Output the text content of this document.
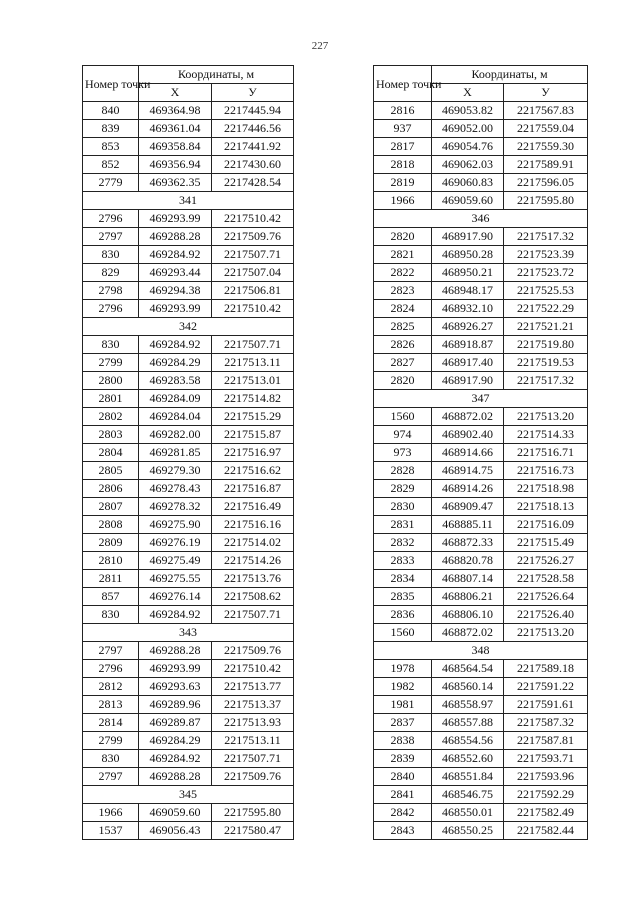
227
Номер точки	Координаты, м	
	Х	У
840	469364.98	2217445.94
839	469361.04	2217446.56
853	469358.84	2217441.92
852	469356.94	2217430.60
2779	469362.35	2217428.54
341		
2796	469293.99	2217510.42
2797	469288.28	2217509.76
830	469284.92	2217507.71
829	469293.44	2217507.04
2798	469294.38	2217506.81
2796	469293.99	2217510.42
342		
830	469284.92	2217507.71
2799	469284.29	2217513.11
2800	469283.58	2217513.01
2801	469284.09	2217514.82
2802	469284.04	2217515.29
2803	469282.00	2217515.87
2804	469281.85	2217516.97
2805	469279.30	2217516.62
2806	469278.43	2217516.87
2807	469278.32	2217516.49
2808	469275.90	2217516.16
2809	469276.19	2217514.02
2810	469275.49	2217514.26
2811	469275.55	2217513.76
857	469276.14	2217508.62
830	469284.92	2217507.71
343		
2797	469288.28	2217509.76
2796	469293.99	2217510.42
2812	469293.63	2217513.77
2813	469289.96	2217513.37
2814	469289.87	2217513.93
2799	469284.29	2217513.11
830	469284.92	2217507.71
2797	469288.28	2217509.76
345		
1966	469059.60	2217595.80
1537	469056.43	2217580.47
Номер точки	Координаты, м	
	Х	У
2816	469053.82	2217567.83
937	469052.00	2217559.04
2817	469054.76	2217559.30
2818	469062.03	2217589.91
2819	469060.83	2217596.05
1966	469059.60	2217595.80
346		
2820	468917.90	2217517.32
2821	468950.28	2217523.39
2822	468950.21	2217523.72
2823	468948.17	2217525.53
2824	468932.10	2217522.29
2825	468926.27	2217521.21
2826	468918.87	2217519.80
2827	468917.40	2217519.53
2820	468917.90	2217517.32
347		
1560	468872.02	2217513.20
974	468902.40	2217514.33
973	468914.66	2217516.71
2828	468914.75	2217516.73
2829	468914.26	2217518.98
2830	468909.47	2217518.13
2831	468885.11	2217516.09
2832	468872.33	2217515.49
2833	468820.78	2217526.27
2834	468807.14	2217528.58
2835	468806.21	2217526.64
2836	468806.10	2217526.40
1560	468872.02	2217513.20
348		
1978	468564.54	2217589.18
1982	468560.14	2217591.22
1981	468558.97	2217591.61
2837	468557.88	2217587.32
2838	468554.56	2217587.81
2839	468552.60	2217593.71
2840	468551.84	2217593.96
2841	468546.75	2217592.29
2842	468550.01	2217582.49
2843	468550.25	2217582.44
